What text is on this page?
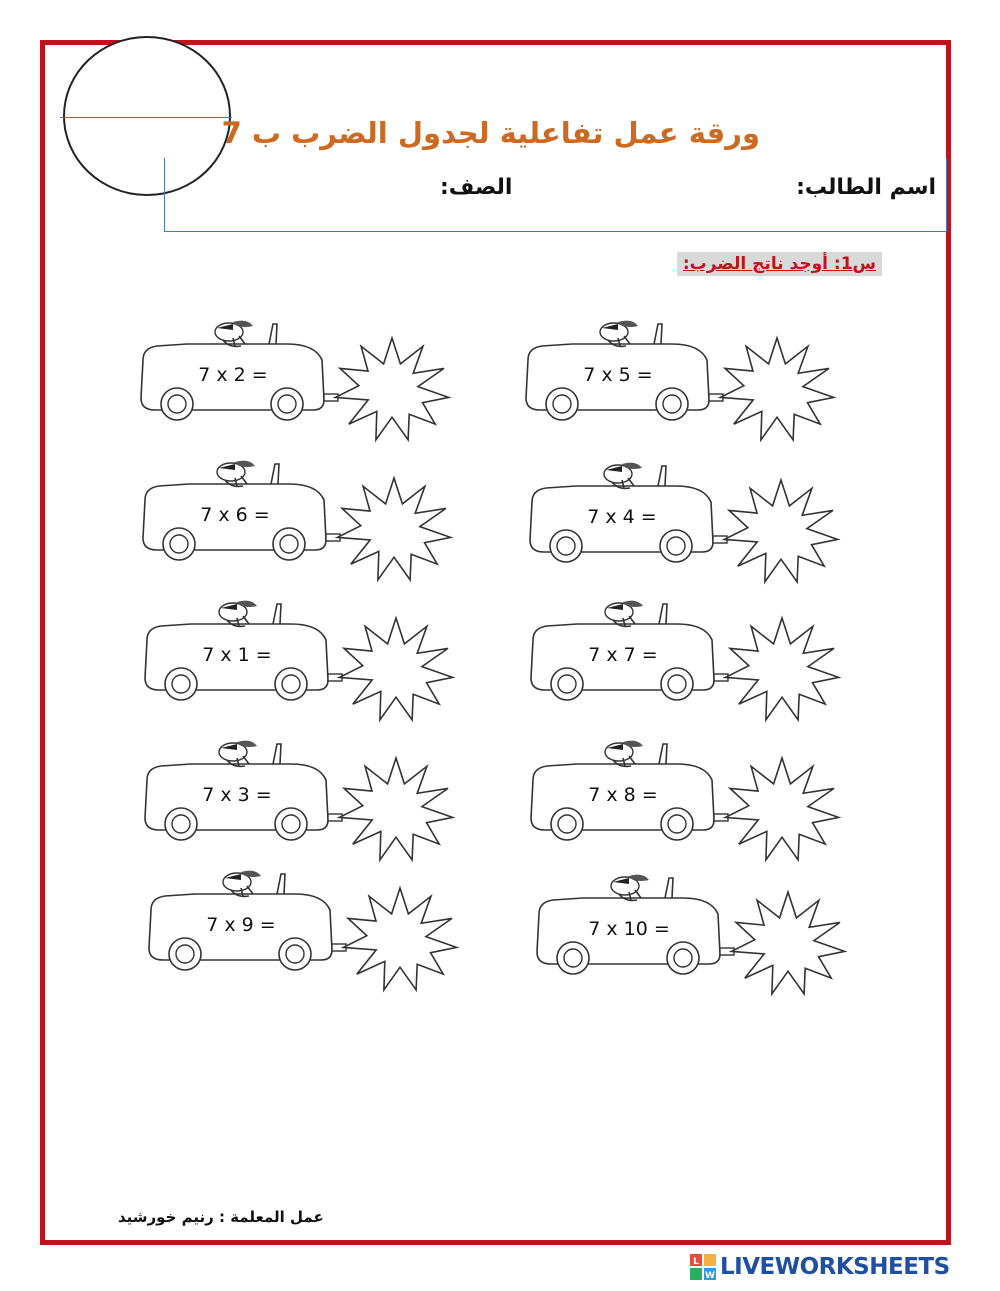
ورقة عمل تفاعلية لجدول الضرب ب 7
اسم الطالب:
الصف:
س1: أوجد ناتج الضرب:
7 x 2 =	7 x 5 =
7 x 6 =	7 x 4 =
7 x 1 =	7 x 7 =
7 x 3 =	7 x 8 =
7 x 9 =	7 x 10 =
عمل المعلمة : رنيم خورشيد
L
W LIVEWORKSHEETS
